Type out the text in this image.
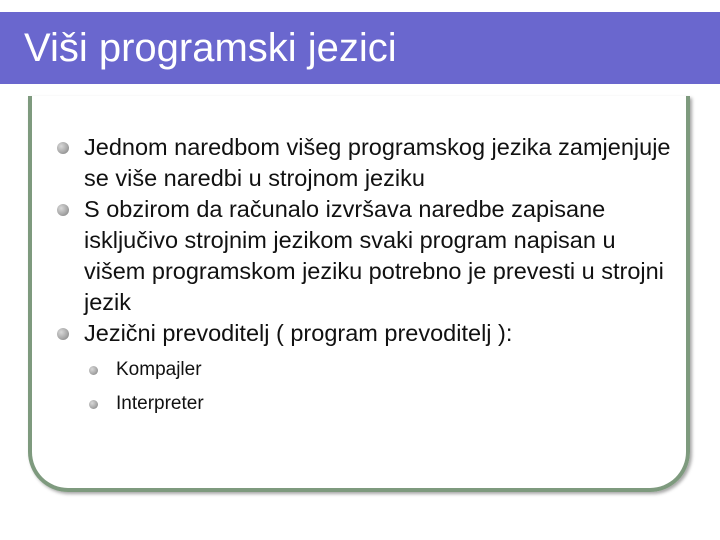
Viši programski jezici
Jednom naredbom višeg programskog jezika zamjenjuje se više naredbi u strojnom jeziku
S obzirom da računalo izvršava naredbe zapisane isključivo strojnim jezikom svaki program napisan u višem programskom jeziku potrebno je prevesti u strojni jezik
Jezični prevoditelj ( program prevoditelj ):
Kompajler
Interpreter
